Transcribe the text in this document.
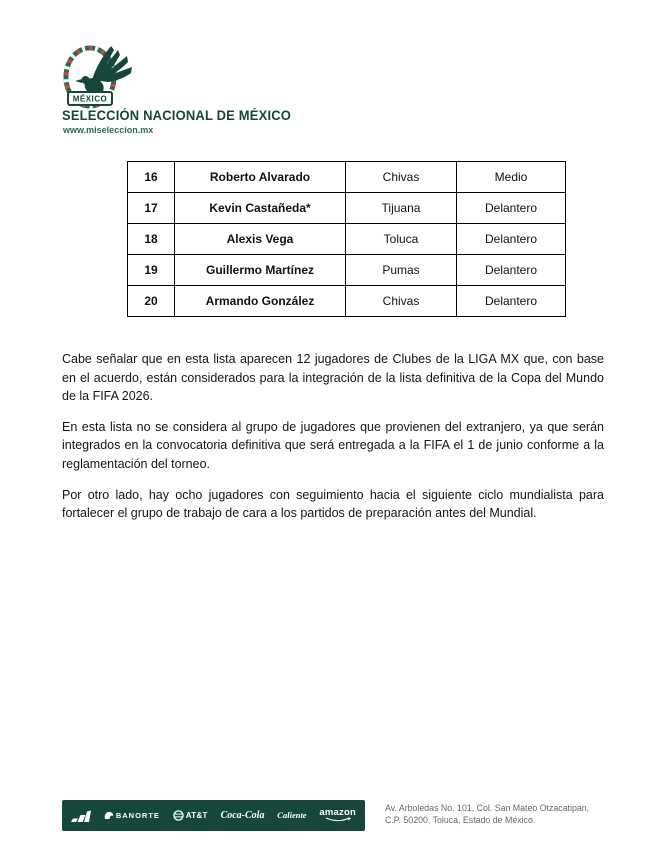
MÉXICO
SELECCIÓN NACIONAL DE MÉXICO
www.miseleccion.mx
16	Roberto Alvarado	Chivas	Medio
17	Kevin Castañeda*	Tijuana	Delantero
18	Alexis Vega	Toluca	Delantero
19	Guillermo Martínez	Pumas	Delantero
20	Armando González	Chivas	Delantero

Cabe señalar que en esta lista aparecen 12 jugadores de Clubes de la LIGA MX que, con base en el acuerdo, están considerados para la integración de la lista definitiva de la Copa del Mundo de la FIFA 2026.

En esta lista no se considera al grupo de jugadores que provienen del extranjero, ya que serán integrados en la convocatoria definitiva que será entregada a la FIFA el 1 de junio conforme a la reglamentación del torneo.

Por otro lado, hay ocho jugadores con seguimiento hacia el siguiente ciclo mundialista para fortalecer el grupo de trabajo de cara a los partidos de preparación antes del Mundial.

BANORTE	AT&T Coca-Cola Caliente amazon	Av. Arboledas No. 101, Col. San Mateo Otzacatipan,
C.P. 50200, Toluca, Estado de México.
